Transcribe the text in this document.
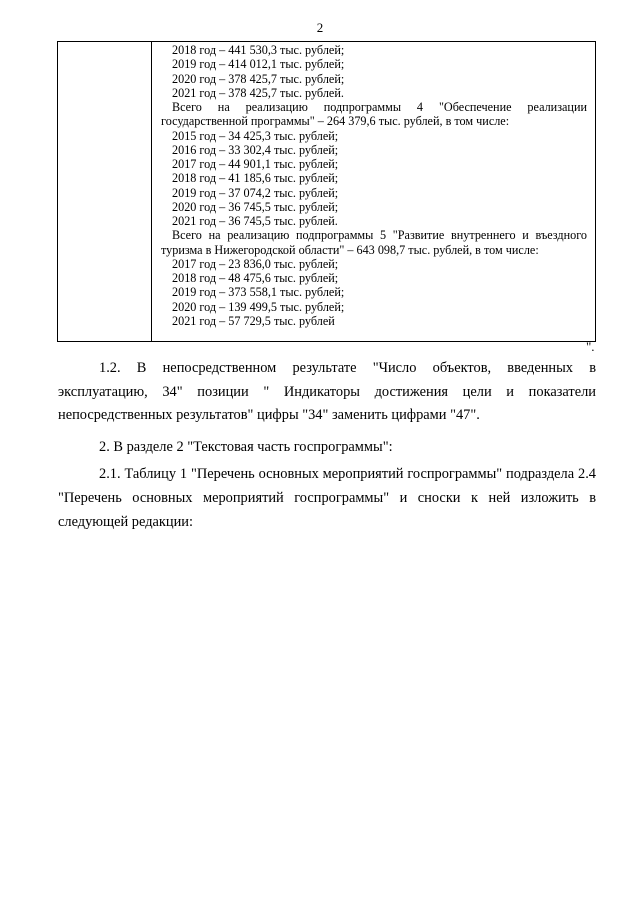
2
2018 год – 441 530,3 тыс. рублей;
2019 год – 414 012,1 тыс. рублей;
2020 год – 378 425,7 тыс. рублей;
2021 год – 378 425,7 тыс. рублей.
Всего на реализацию подпрограммы 4 "Обеспечение реализации государственной программы" – 264 379,6 тыс. рублей, в том числе:
2015 год – 34 425,3 тыс. рублей;
2016 год – 33 302,4 тыс. рублей;
2017 год – 44 901,1 тыс. рублей;
2018 год – 41 185,6 тыс. рублей;
2019 год – 37 074,2 тыс. рублей;
2020 год – 36 745,5 тыс. рублей;
2021 год – 36 745,5 тыс. рублей.
Всего на реализацию подпрограммы 5 "Развитие внутреннего и въездного туризма в Нижегородской области" – 643 098,7 тыс. рублей, в том числе:
2017 год – 23 836,0 тыс. рублей;
2018 год – 48 475,6 тыс. рублей;
2019 год – 373 558,1 тыс. рублей;
2020 год – 139 499,5 тыс. рублей;
2021 год – 57 729,5 тыс. рублей
".

1.2. В непосредственном результате "Число объектов, введенных в эксплуатацию, 34" позиции " Индикаторы достижения цели и показатели непосредственных результатов" цифры "34" заменить цифрами "47".

2. В разделе 2 "Текстовая часть госпрограммы":

2.1. Таблицу 1 "Перечень основных мероприятий госпрограммы" подраздела 2.4 "Перечень основных мероприятий госпрограммы" и сноски к ней изложить в следующей редакции:
